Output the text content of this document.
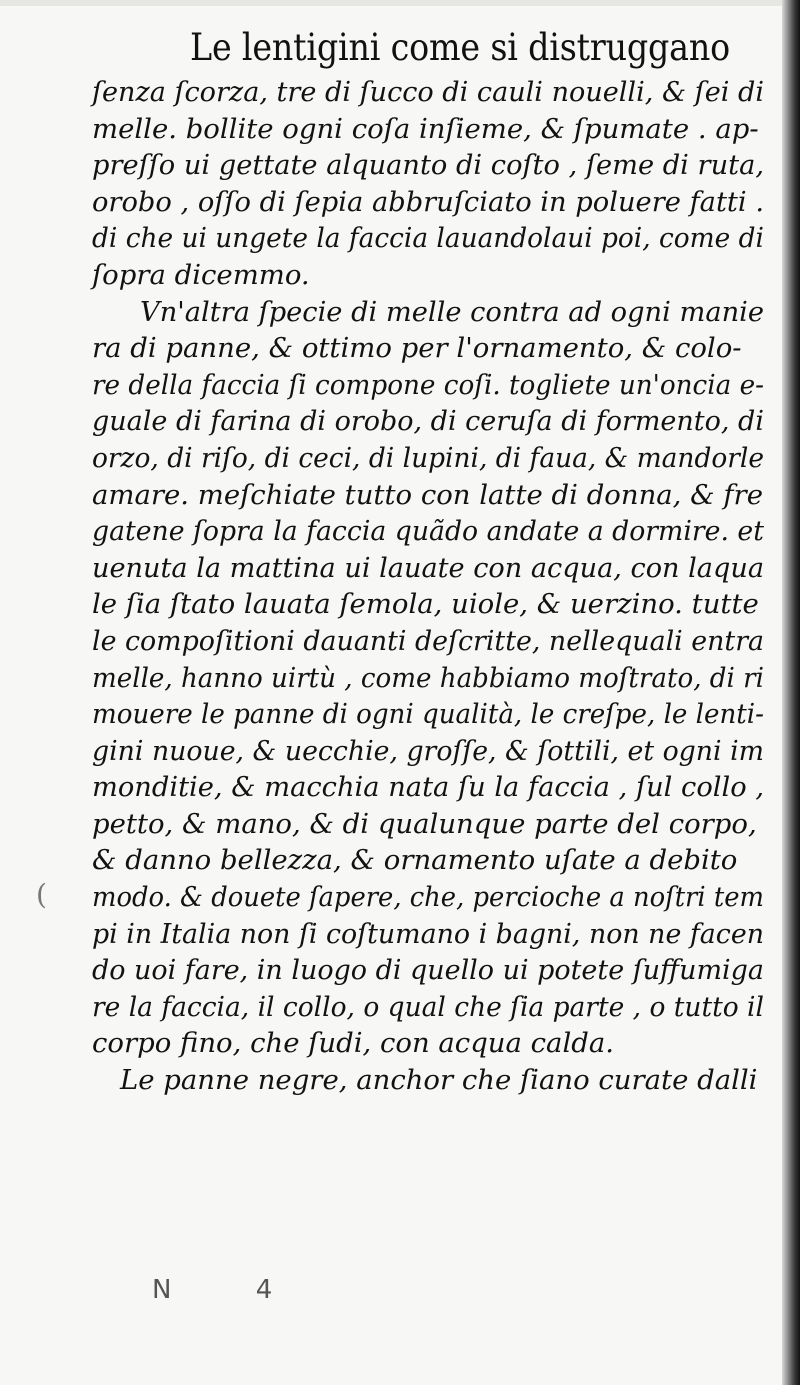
Le lentigini come si distruggano
ſenza ſcorza, tre di ſucco di cauli nouelli, & ſei di
melle. bollite ogni coſa inſieme, & ſpumate . ap-
preſſo ui gettate alquanto di coſto , ſeme di ruta,
orobo , oſſo di ſepia abbruſciato in poluere fatti .
di che ui ungete la faccia lauandolaui poi, come di
ſopra dicemmo.
Vn'altra ſpecie di melle contra ad ogni manie
ra di panne, & ottimo per l'ornamento, & colo-
re della faccia ſi compone coſi. togliete un'oncia e-
guale di farina di orobo, di ceruſa di formento, di
orzo, di riſo, di ceci, di lupini, di faua, & mandorle
amare. meſchiate tutto con latte di donna, & fre
gatene ſopra la faccia quãdo andate a dormire. et
uenuta la mattina ui lauate con acqua, con laqua
le ſia ſtato lauata ſemola, uiole, & uerzino. tutte
le compoſitioni dauanti deſcritte, nellequali entra
melle, hanno uirtù , come habbiamo moſtrato, di ri
mouere le panne di ogni qualità, le creſpe, le lenti-
gini nuoue, & uecchie, groſſe, & ſottili, et ogni im
monditie, & macchia nata ſu la faccia , ſul collo ,
petto, & mano, & di qualunque parte del corpo,
& danno bellezza, & ornamento uſate a debito
modo. & douete ſapere, che, percioche a noſtri tem
pi in Italia non ſi coſtumano i bagni, non ne facen
do uoi fare, in luogo di quello ui potete ſuffumiga
re la faccia, il collo, o qual che ſia parte , o tutto il
corpo fino, che ſudi, con acqua calda.
Le panne negre, anchor che ſiano curate dalli
(
N 4
